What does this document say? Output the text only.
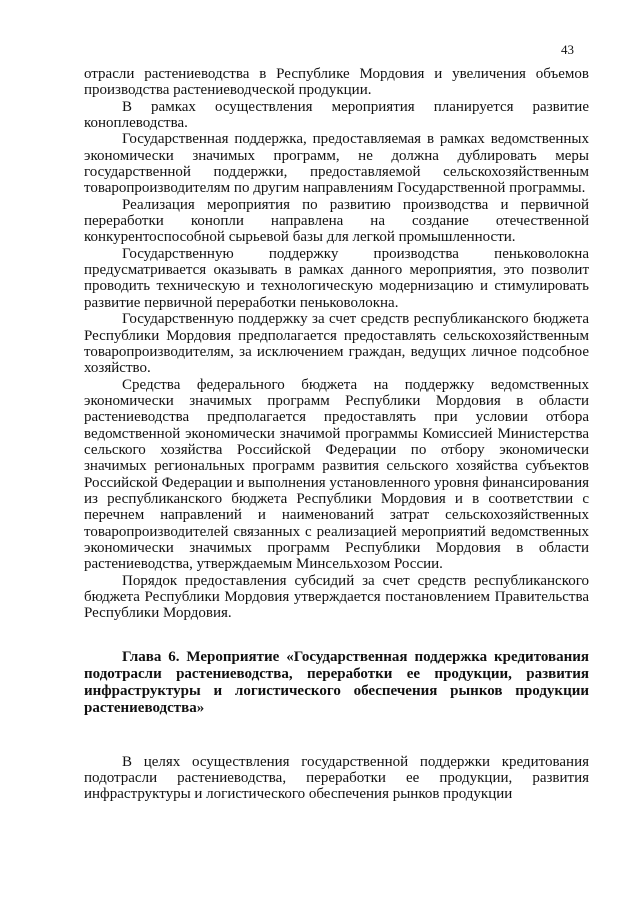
43

отрасли растениеводства в Республике Мордовия и увеличения объемов производства растениеводческой продукции.

В рамках осуществления мероприятия планируется развитие коноплеводства.

Государственная поддержка, предоставляемая в рамках ведомственных экономически значимых программ, не должна дублировать меры государственной поддержки, предоставляемой сельскохозяйственным товаропроизводителям по другим направлениям Государственной программы.

Реализация мероприятия по развитию производства и первичной переработки конопли направлена на создание отечественной конкурентоспособной сырьевой базы для легкой промышленности.

Государственную поддержку производства пеньковолокна предусматривается оказывать в рамках данного мероприятия, это позволит проводить техническую и технологическую модернизацию и стимулировать развитие первичной переработки пеньковолокна.

Государственную поддержку за счет средств республиканского бюджета Республики Мордовия предполагается предоставлять сельскохозяйственным товаропроизводителям, за исключением граждан, ведущих личное подсобное хозяйство.

Средства федерального бюджета на поддержку ведомственных экономически значимых программ Республики Мордовия в области растениеводства предполагается предоставлять при условии отбора ведомственной экономически значимой программы Комиссией Министерства сельского хозяйства Российской Федерации по отбору экономически значимых региональных программ развития сельского хозяйства субъектов Российской Федерации и выполнения установленного уровня финансирования из республиканского бюджета Республики Мордовия и в соответствии с перечнем направлений и наименований затрат сельскохозяйственных товаропроизводителей связанных с реализацией мероприятий ведомственных экономически значимых программ Республики Мордовия в области растениеводства, утверждаемым Минсельхозом России.

Порядок предоставления субсидий за счет средств республиканского бюджета Республики Мордовия утверждается постановлением Правительства Республики Мордовия.

Глава 6. Мероприятие «Государственная поддержка кредитования подотрасли растениеводства, переработки ее продукции, развития инфраструктуры и логистического обеспечения рынков продукции растениеводства»

В целях осуществления государственной поддержки кредитования подотрасли растениеводства, переработки ее продукции, развития инфраструктуры и логистического обеспечения рынков продукции
